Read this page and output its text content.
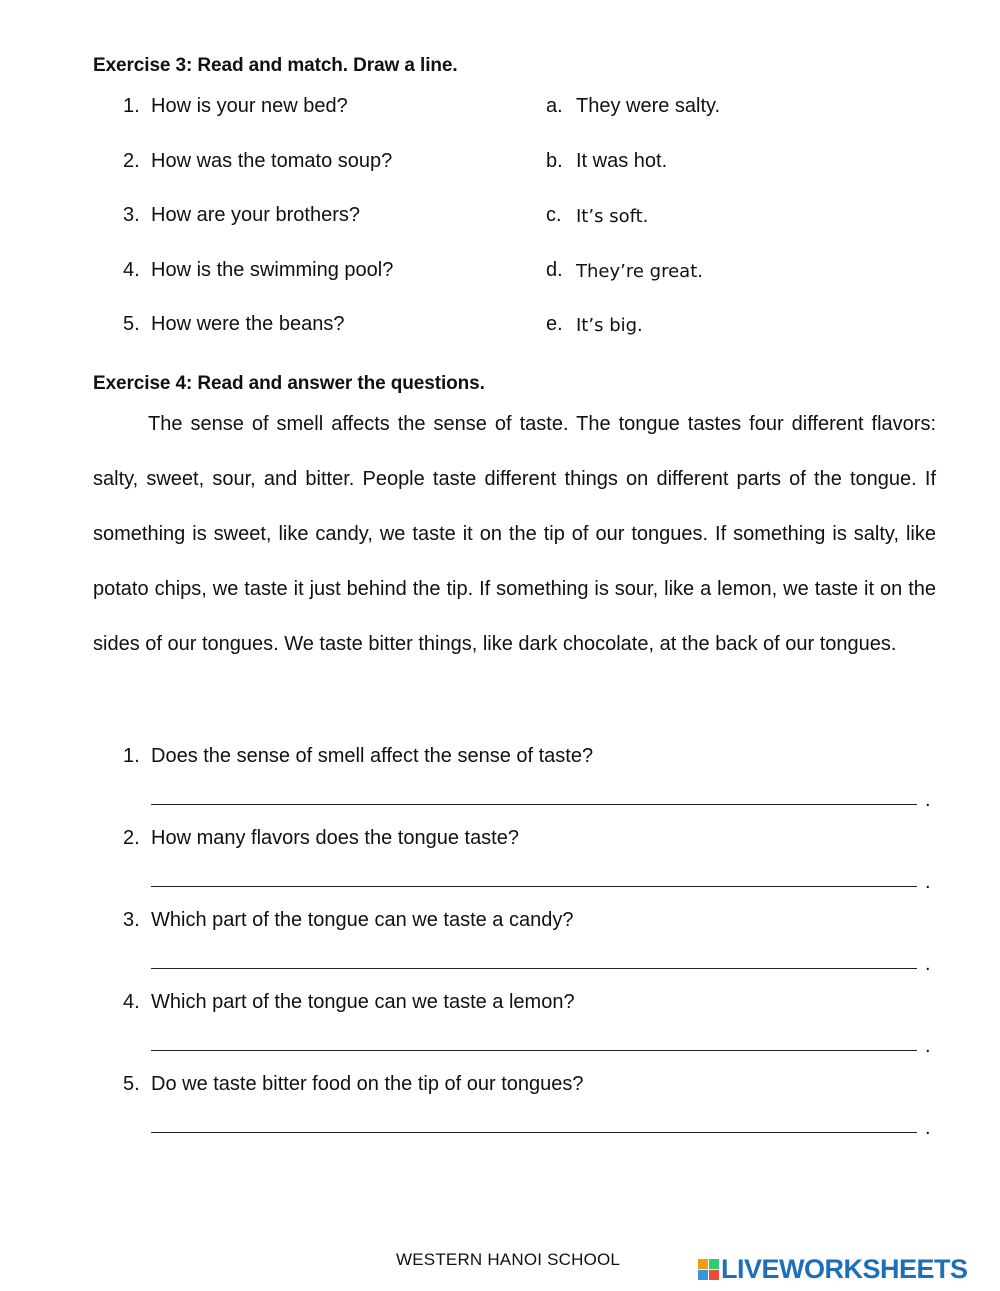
Exercise 3: Read and match. Draw a line.
1. How is your new bed?
2. How was the tomato soup?
3. How are your brothers?
4. How is the swimming pool?
5. How were the beans?
a. They were salty.
b. It was hot.
c. It’s soft.
d. They’re great.
e. It’s big.
Exercise 4: Read and answer the questions.

The sense of smell affects the sense of taste. The tongue tastes four different flavors: salty, sweet, sour, and bitter. People taste different things on different parts of the tongue. If something is sweet, like candy, we taste it on the tip of our tongues. If something is salty, like potato chips, we taste it just behind the tip. If something is sour, like a lemon, we taste it on the sides of our tongues. We taste bitter things, like dark chocolate, at the back of our tongues.

1. Does the sense of smell affect the sense of taste?
.
2. How many flavors does the tongue taste?
.
3. Which part of the tongue can we taste a candy?
.
4. Which part of the tongue can we taste a lemon?
.
5. Do we taste bitter food on the tip of our tongues?
.
WESTERN HANOI SCHOOL	LIVEWORKSHEETS
